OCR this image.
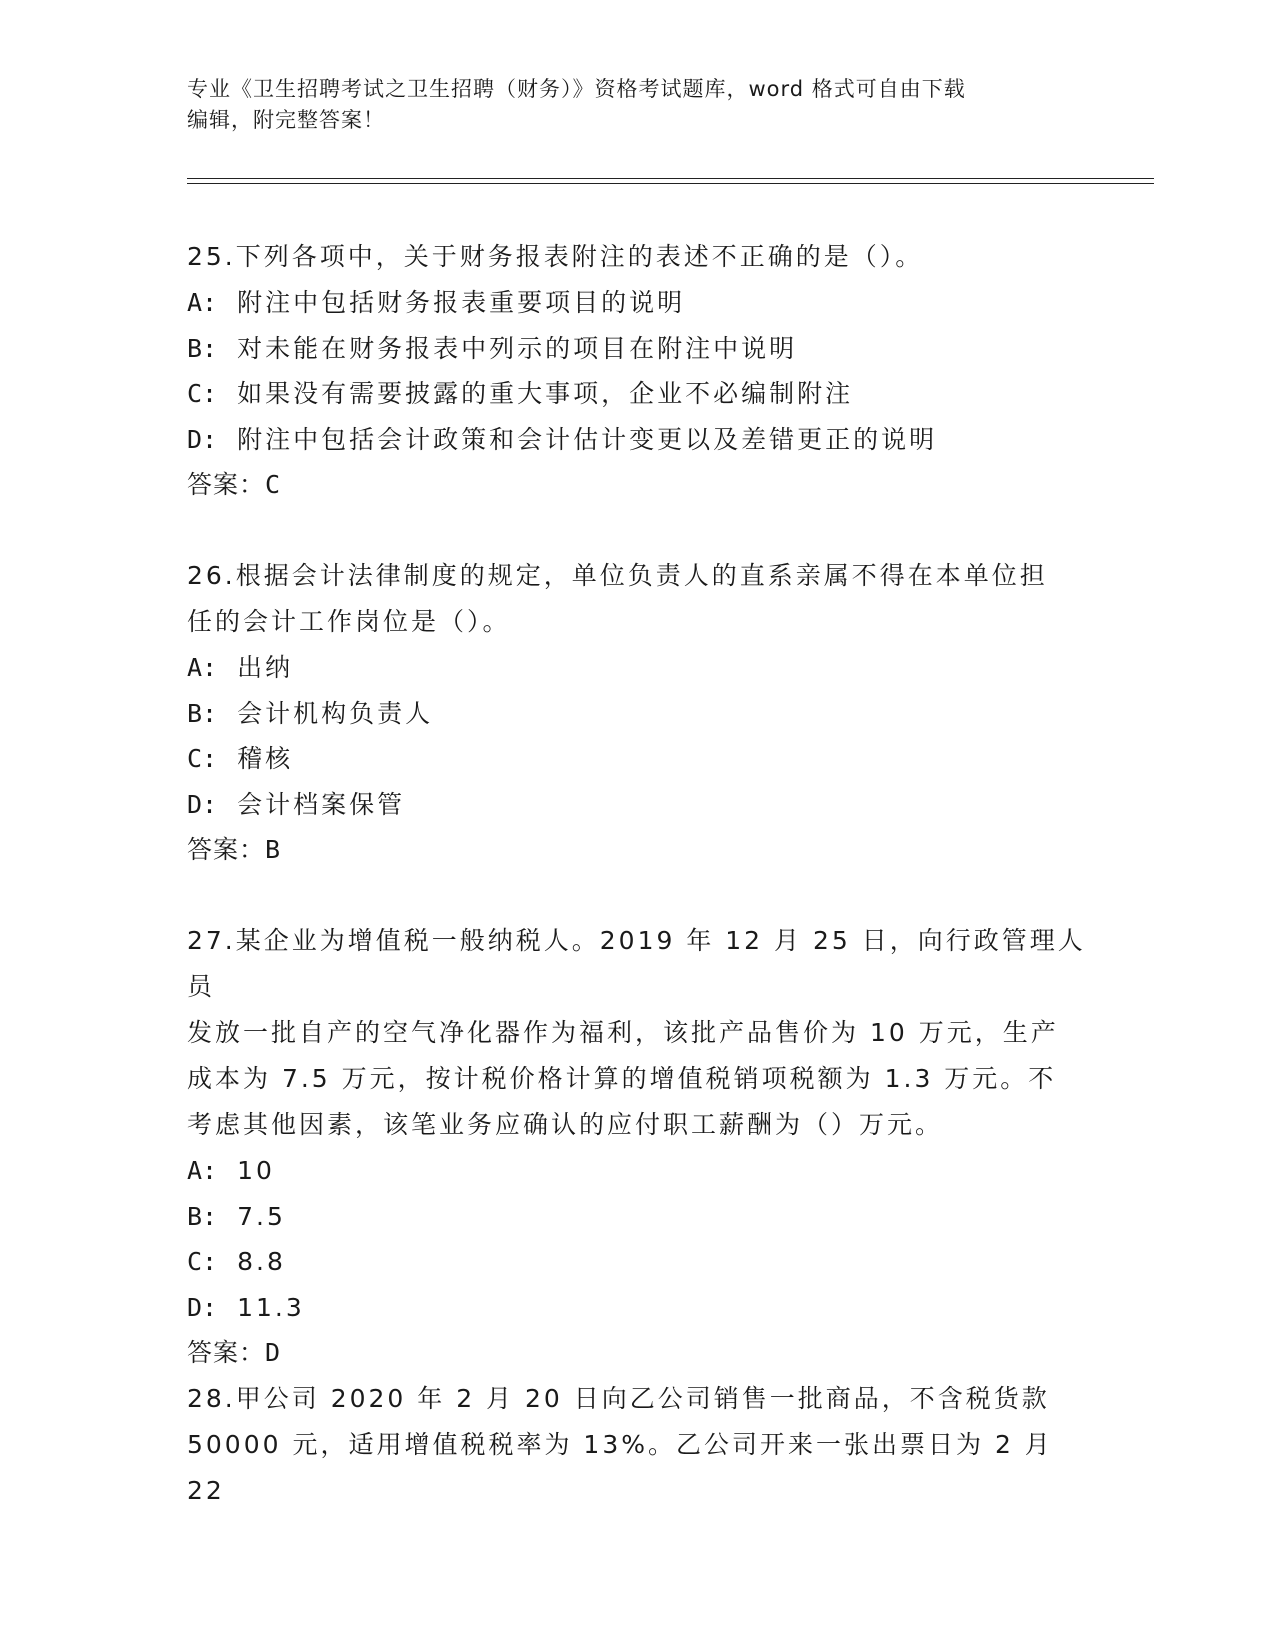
专业《卫生招聘考试之卫生招聘（财务）》资格考试题库，word 格式可自由下载
编辑，附完整答案！

25.下列各项中，关于财务报表附注的表述不正确的是（）。

A: 附注中包括财务报表重要项目的说明

B: 对未能在财务报表中列示的项目在附注中说明

C: 如果没有需要披露的重大事项，企业不必编制附注

D: 附注中包括会计政策和会计估计变更以及差错更正的说明

答案：C

26.根据会计法律制度的规定，单位负责人的直系亲属不得在本单位担
任的会计工作岗位是（）。

A: 出纳

B: 会计机构负责人

C: 稽核

D: 会计档案保管

答案：B

27.某企业为增值税一般纳税人。2019 年 12 月 25 日，向行政管理人员
发放一批自产的空气净化器作为福利，该批产品售价为 10 万元，生产
成本为 7.5 万元，按计税价格计算的增值税销项税额为 1.3 万元。不
考虑其他因素，该笔业务应确认的应付职工薪酬为（）万元。

A: 10

B: 7.5

C: 8.8

D: 11.3

答案：D

28.甲公司 2020 年 2 月 20 日向乙公司销售一批商品，不含税货款
50000 元，适用增值税税率为 13%。乙公司开来一张出票日为 2 月 22
